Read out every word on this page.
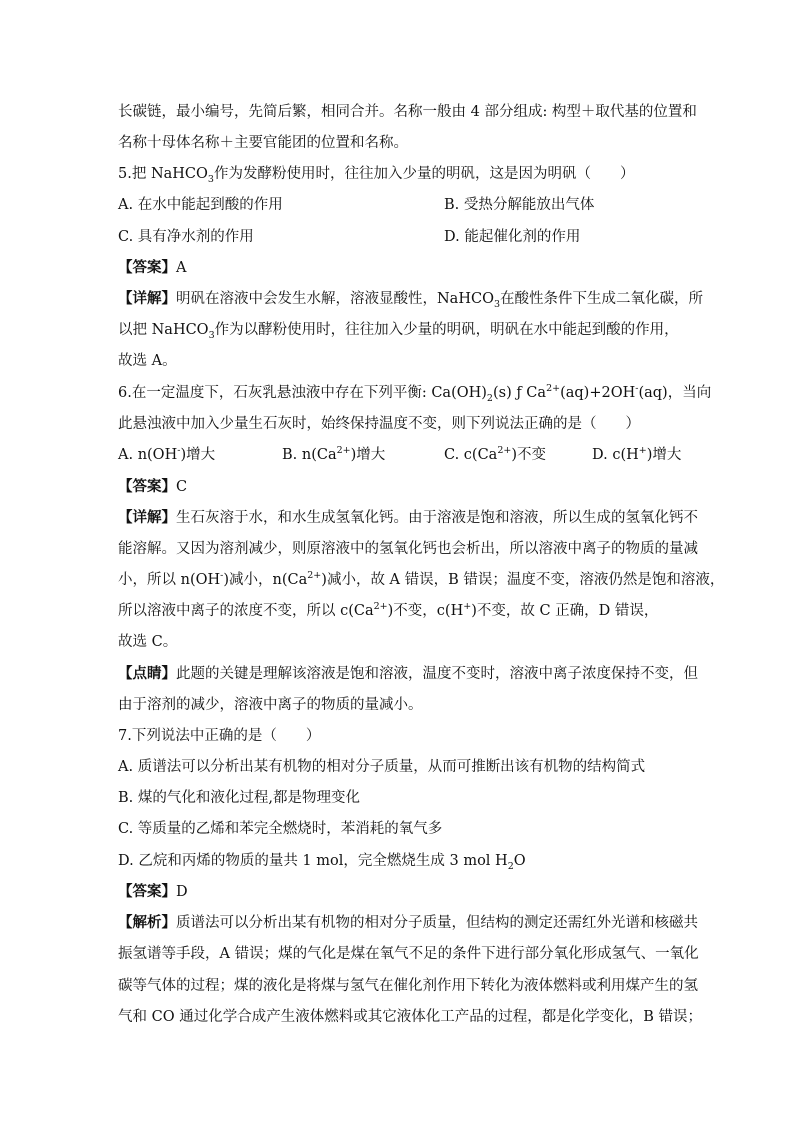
长碳链，最小编号，先简后繁，相同合并。名称一般由 4 部分组成: 构型＋取代基的位置和
名称十母体名称＋主要官能团的位置和名称。
5.把 NaHCO$_3$作为发酵粉使用时，往往加入少量的明矾，这是因为明矾（　　）
A. 在水中能起到酸的作用	B. 受热分解能放出气体
C. 具有净水剂的作用	D. 能起催化剂的作用
【答案】A
【详解】明矾在溶液中会发生水解，溶液显酸性，NaHCO$_3$在酸性条件下生成二氧化碳，所
以把 NaHCO$_3$作为以酵粉使用时，往往加入少量的明矾，明矾在水中能起到酸的作用，
故选 A。
6.在一定温度下，石灰乳悬浊液中存在下列平衡: $Ca(OH)_2(s)$ ƒ $Ca^{2+}(aq)+2OH^-(aq)$，当向
此悬浊液中加入少量生石灰时，始终保持温度不变，则下列说法正确的是（　　）
A. n(OH-)增大	B. $n(Ca^{2+})$增大	C. $c(Ca^{2+})$不变	D. c(H+)增大
【答案】C
【详解】生石灰溶于水，和水生成氢氧化钙。由于溶液是饱和溶液，所以生成的氢氧化钙不
能溶解。又因为溶剂减少，则原溶液中的氢氧化钙也会析出，所以溶液中离子的物质的量减
小，所以 n(OH-)减小，$n(Ca^{2+})$减小，故 A 错误，B 错误；温度不变，溶液仍然是饱和溶液，
所以溶液中离子的浓度不变，所以 $c(Ca^{2+})$不变，c(H+)不变，故 C 正确，D 错误，
故选 C。
【点睛】此题的关键是理解该溶液是饱和溶液，温度不变时，溶液中离子浓度保持不变，但
由于溶剂的减少，溶液中离子的物质的量减小。
7.下列说法中正确的是（　　）
A. 质谱法可以分析出某有机物的相对分子质量，从而可推断出该有机物的结构简式
B. 煤的气化和液化过程,都是物理变化
C. 等质量的乙烯和苯完全燃烧时，苯消耗的氧气多
D. 乙烷和丙烯的物质的量共 1 mol，完全燃烧生成 3 mol $H_2O$
【答案】D
【解析】质谱法可以分析出某有机物的相对分子质量，但结构的测定还需红外光谱和核磁共
振氢谱等手段，A 错误；煤的气化是煤在氧气不足的条件下进行部分氧化形成氢气、一氧化
碳等气体的过程；煤的液化是将煤与氢气在催化剂作用下转化为液体燃料或利用煤产生的氢
气和 CO 通过化学合成产生液体燃料或其它液体化工产品的过程，都是化学变化，B 错误；
